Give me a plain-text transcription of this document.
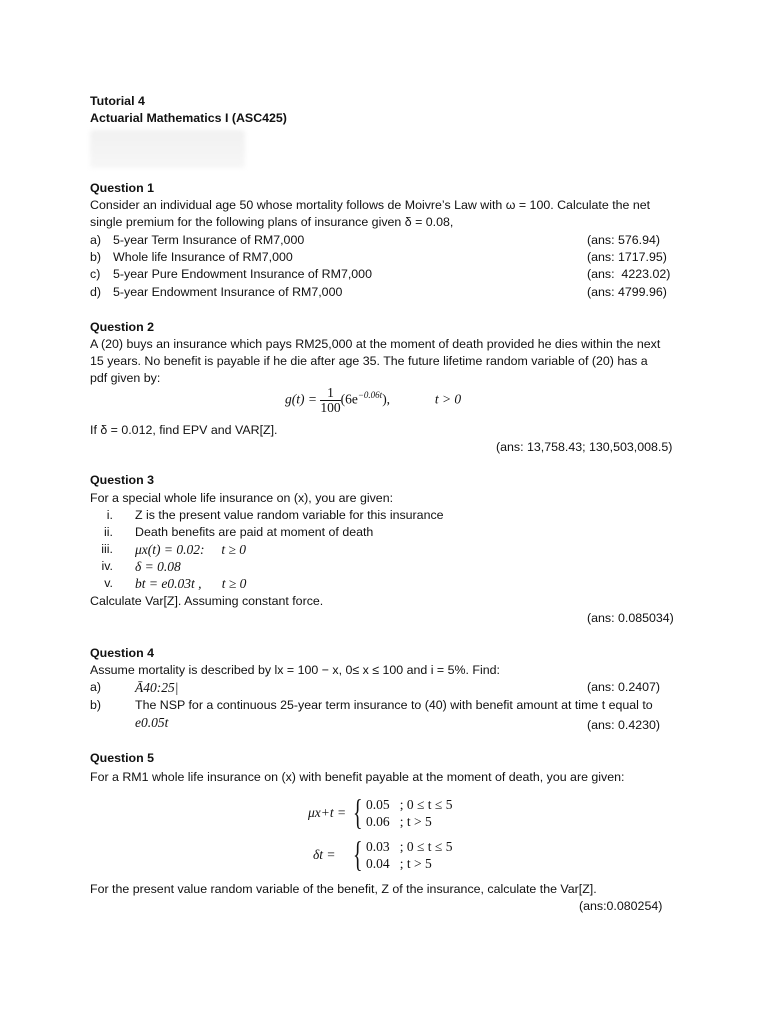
Tutorial 4
Actuarial Mathematics I (ASC425)
Question 1
Consider an individual age 50 whose mortality follows de Moivre’s Law with ω = 100. Calculate the net
single premium for the following plans of insurance given δ = 0.08,
a) 5-year Term Insurance of RM7,000	(ans: 576.94)
b) Whole life Insurance of RM7,000	(ans: 1717.95)
c) 5-year Pure Endowment Insurance of RM7,000	(ans:  4223.02)
d) 5-year Endowment Insurance of RM7,000	(ans: 4799.96)
Question 2
A (20) buys an insurance which pays RM25,000 at the moment of death provided he dies within the next
15 years. No benefit is payable if he die after age 35. The future lifetime random variable of (20) has a
pdf given by:
$g(t) = \frac{1}{100} (6e^{-0.06t})$,	t > 0
If δ = 0.012, find EPV and VAR[Z].
(ans: 13,758.43; 130,503,008.5)
Question 3
For a special whole life insurance on (x), you are given:
i. Z is the present value random variable for this insurance
ii. Death benefits are paid at moment of death
iii. μx(t) = 0.02:     t ≥ 0
iv. δ = 0.08
v. bt = e0.03t ,      t ≥ 0
Calculate Var[Z]. Assuming constant force.
(ans: 0.085034)
Question 4
Assume mortality is described by lx = 100 − x, 0≤ x ≤ 100 and i = 5%. Find:
a)	Ā40:25|	(ans: 0.2407)
b)	The NSP for a continuous 25-year term insurance to (40) with benefit amount at time t equal to
e0.05t	(ans: 0.4230)
Question 5
For a RM1 whole life insurance on (x) with benefit payable at the moment of death, you are given:
μx+t = { 0.05   ; 0 ≤ t ≤ 5
0.06   ; t > 5
δt = { 0.03   ; 0 ≤ t ≤ 5
0.04   ; t > 5
For the present value random variable of the benefit, Z of the insurance, calculate the Var[Z].
(ans:0.080254)
